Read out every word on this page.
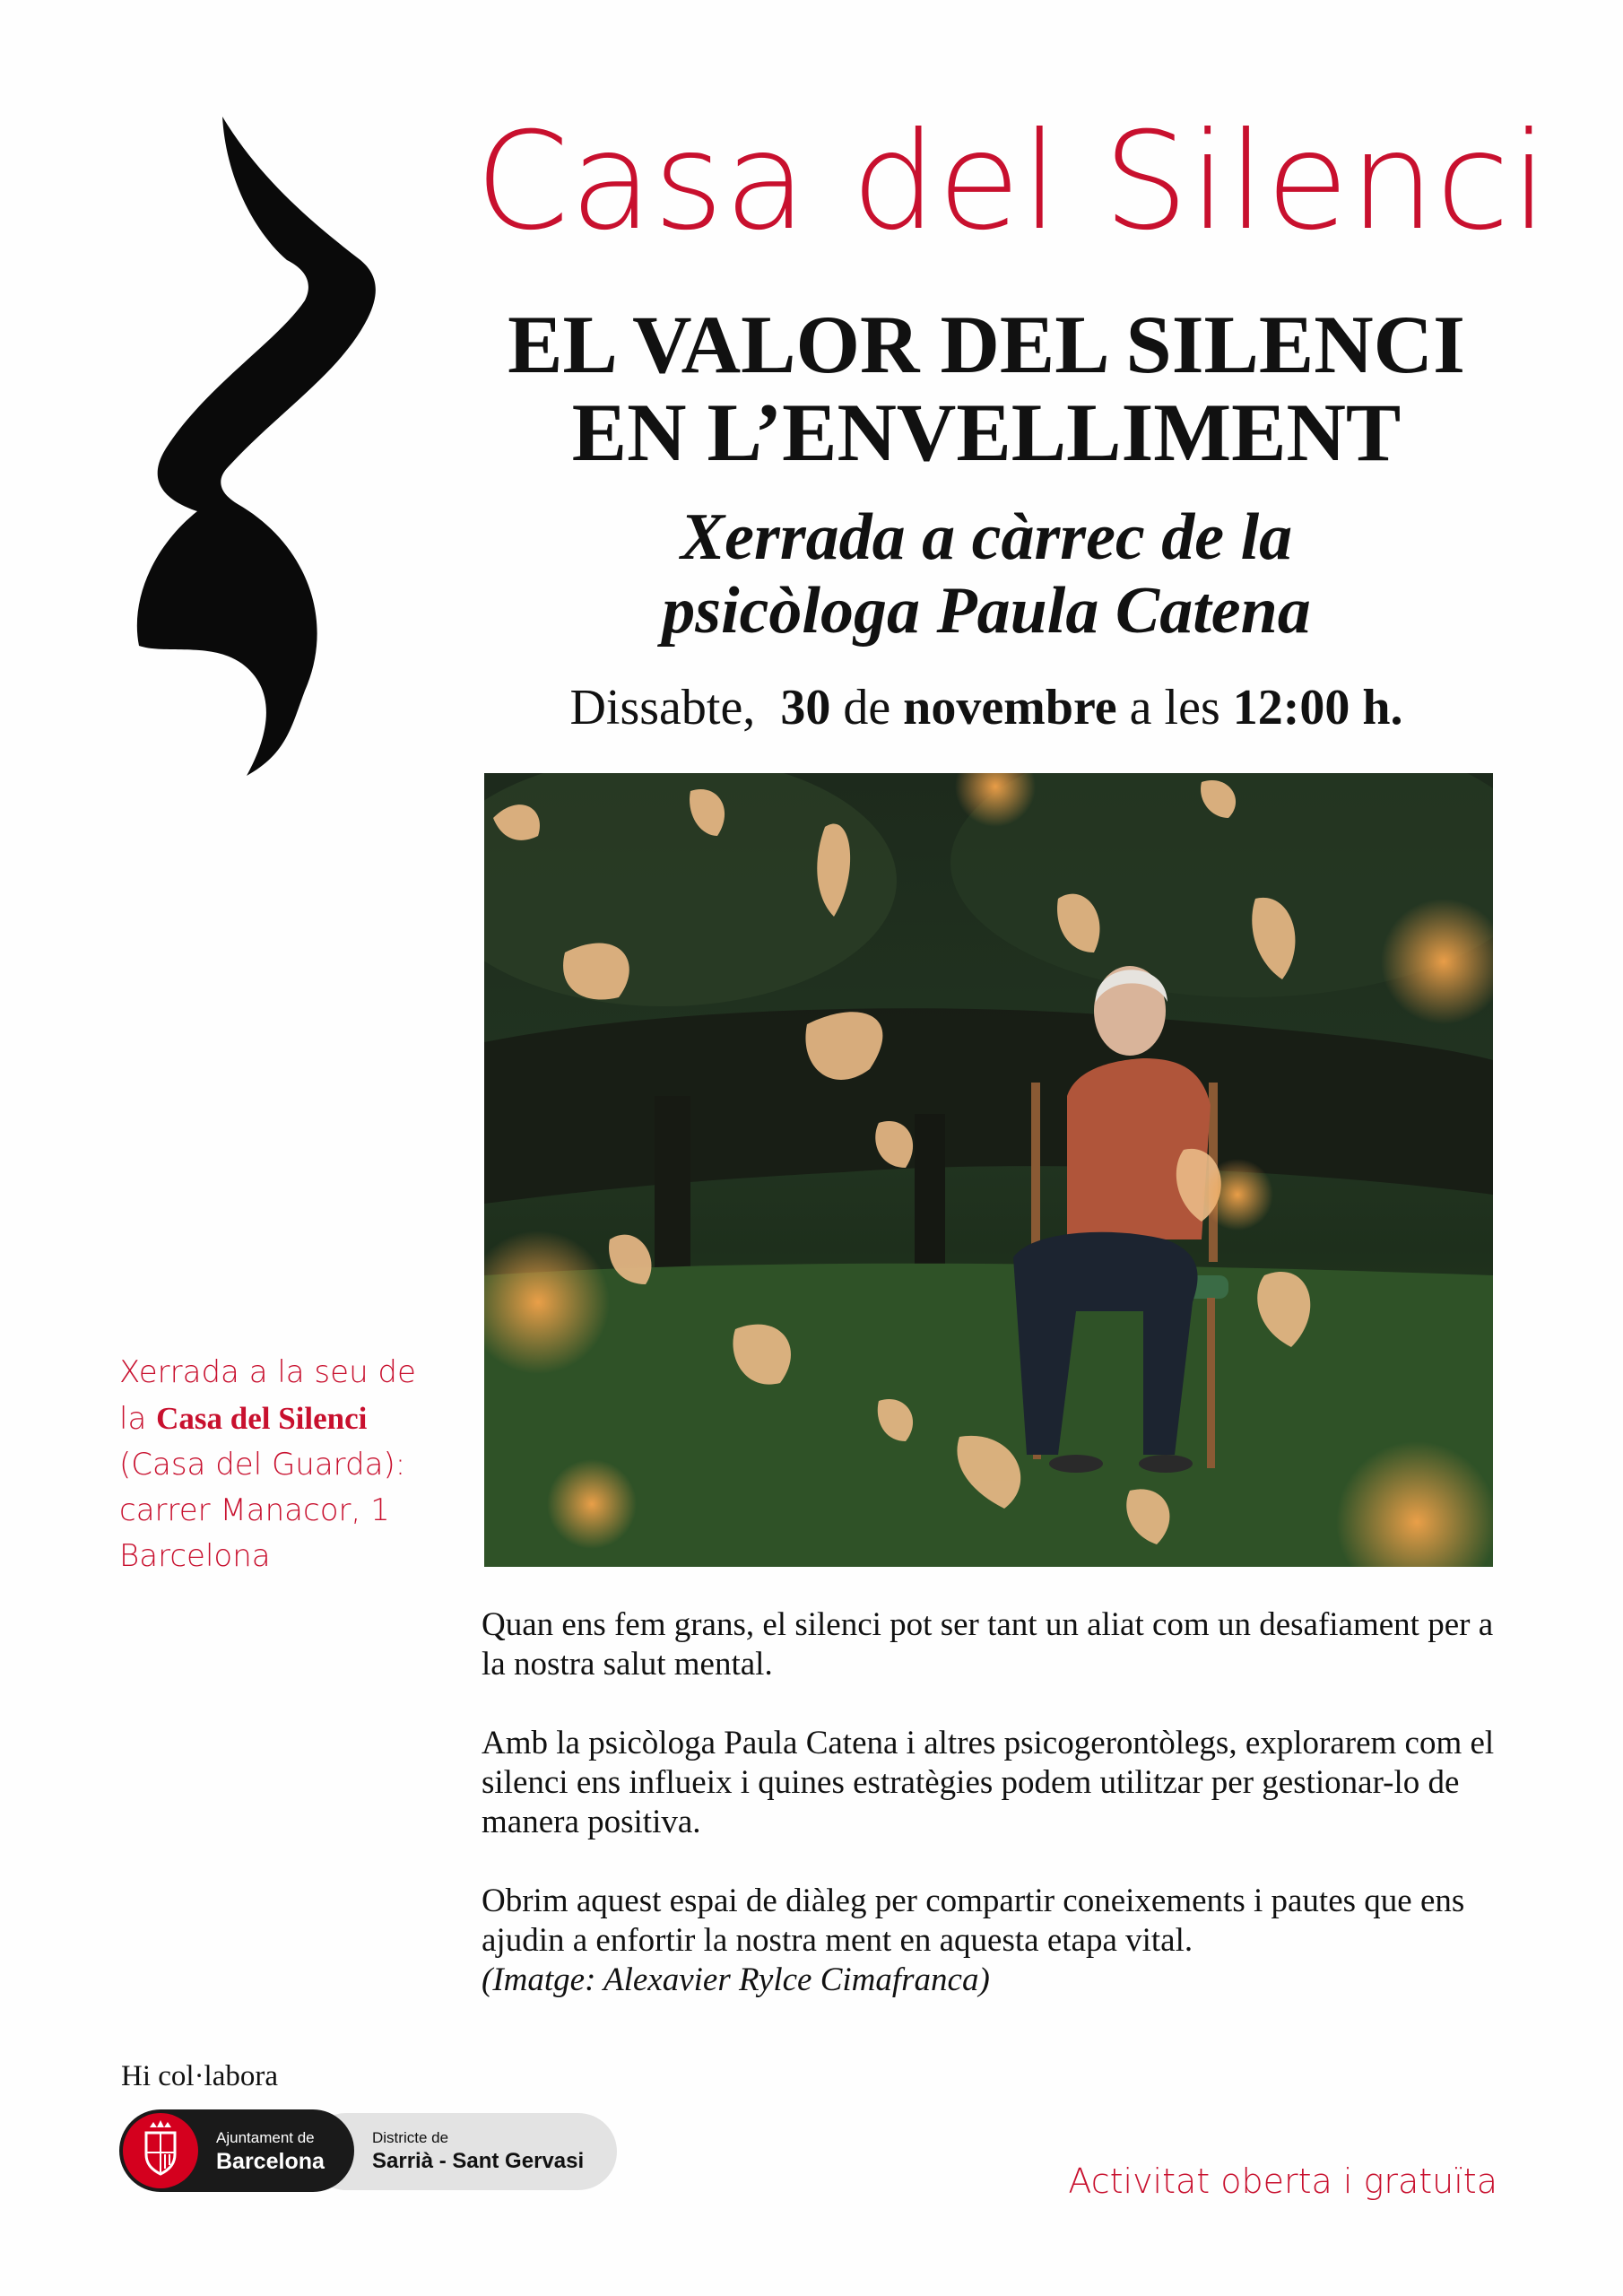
Casa del Silenci
EL VALOR DEL SILENCI
EN L’ENVELLIMENT
Xerrada a càrrec de la
psicòloga Paula Catena
Dissabte, 30 de novembre a les 12:00 h.
Xerrada a la seu de
la Casa del Silenci
(Casa del Guarda):
carrer Manacor, 1
Barcelona

Quan ens fem grans, el silenci pot ser tant un aliat com un desafiament per a la nostra salut mental.

Amb la psicòloga Paula Catena i altres psicogerontòlegs, explorarem com el silenci ens influeix i quines estratègies podem utilitzar per gestionar-lo de manera positiva.

Obrim aquest espai de diàleg per compartir coneixements i pautes que ens ajudin a enfortir la nostra ment en aquesta etapa vital.
(Imatge: Alexavier Rylce Cimafranca)

Hi col·labora
Ajuntament de
Barcelona
Districte de
Sarrià - Sant Gervasi
Activitat oberta i gratuïta
